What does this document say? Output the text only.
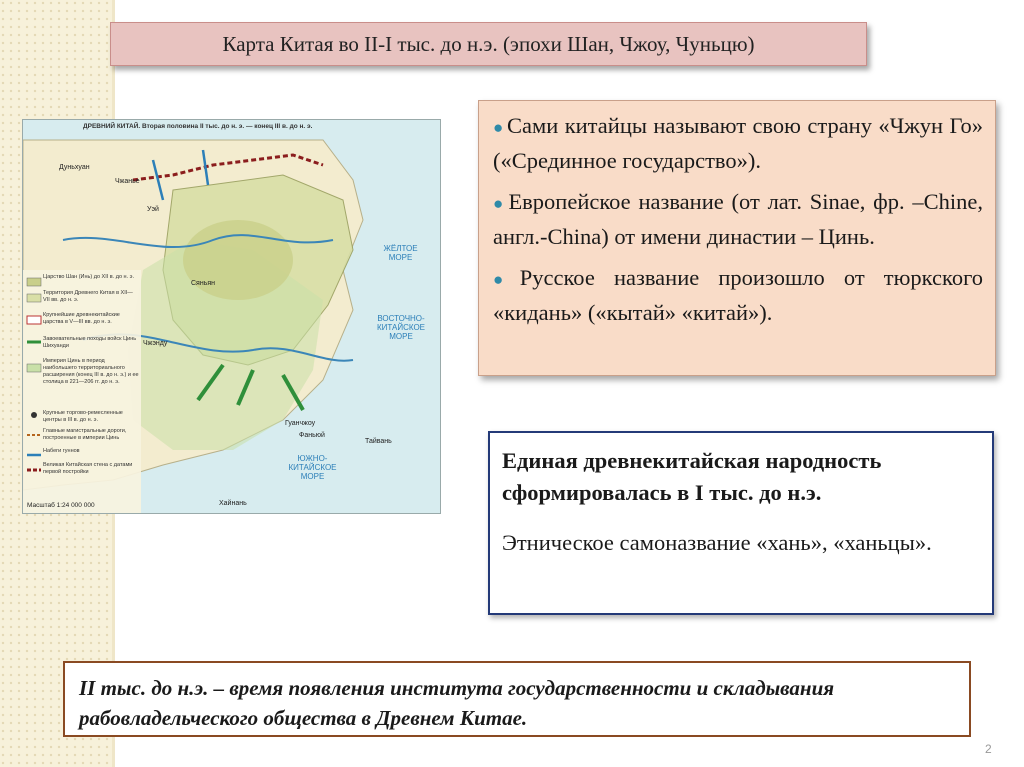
Карта Китая во II-I тыс. до н.э. (эпохи Шан, Чжоу, Чуньцю)
ДРЕВНИЙ КИТАЙ. Вторая половина II тыс. до н. э. — конец III в. до н. э.
ЖЁЛТОЕ МОРЕ
ВОСТОЧНО-КИТАЙСКОЕ МОРЕ
ЮЖНО-КИТАЙСКОЕ МОРЕ
Дуньхуан
Чжанье
Уэй
Сяньян
Чжэнду
Тайвань
Хайнань
Гуанчжоу
Фаньюй
Царство Шан (Инь) до XII в. до н. э.
Территория Древнего Китая в XII—VII вв. до н. э.
Крупнейшие древнекитайские царства в V—III вв. до н. э.
Завоевательные походы войск Цинь Шихуанди
Империя Цинь в период наибольшего территориального расширения (конец III в. до н. э.) и ее столица в 221—206 гг. до н. э.
Крупные торгово-ремесленные центры в III в. до н. э.
Главные магистральные дороги, построенные в империи Цинь
Набеги гуннов
Великая Китайская стена с датами первой постройки
Масштаб 1:24 000 000

● Сами китайцы называют свою страну «Чжун Го» («Срединное государство»).

● Европейское название (от лат. Sinae, фр. –Chine, англ.-China) от имени династии – Цинь.

● Русское название произошло от тюркского «кидань» («кытай» «китай»).

Единая древнекитайская народность сформировалась в I тыс. до н.э.

Этническое самоназвание «хань», «ханьцы».

II тыс. до н.э. – время появления института государственности и складывания рабовладельческого общества в Древнем Китае.
2
